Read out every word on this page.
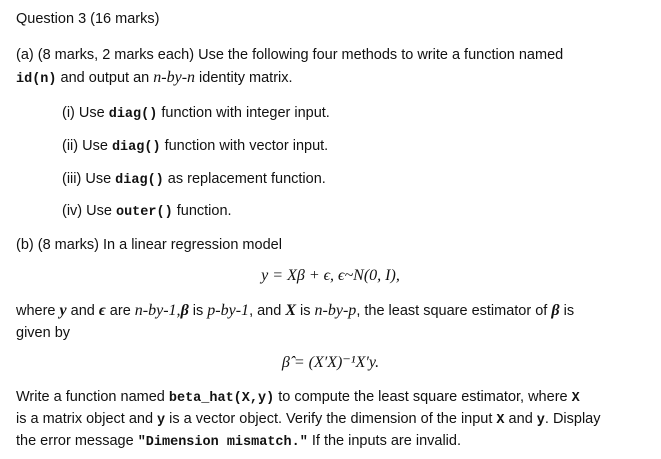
Question 3 (16 marks)
(a) (8 marks, 2 marks each) Use the following four methods to write a function named
id(n) and output an n-by-n identity matrix.
(i) Use diag() function with integer input.
(ii) Use diag() function with vector input.
(iii) Use diag() as replacement function.
(iv) Use outer() function.
(b) (8 marks) In a linear regression model
y = Xβ + ϵ, ϵ~N(0, I),
where y and ϵ are n-by-1,β is p-by-1, and X is n-by-p, the least square estimator of β is
given by
β̂ = (X′X)⁻¹X′y.
Write a function named beta_hat(X,y) to compute the least square estimator, where X
is a matrix object and y is a vector object. Verify the dimension of the input X and y. Display
the error message "Dimension mismatch." If the inputs are invalid.
